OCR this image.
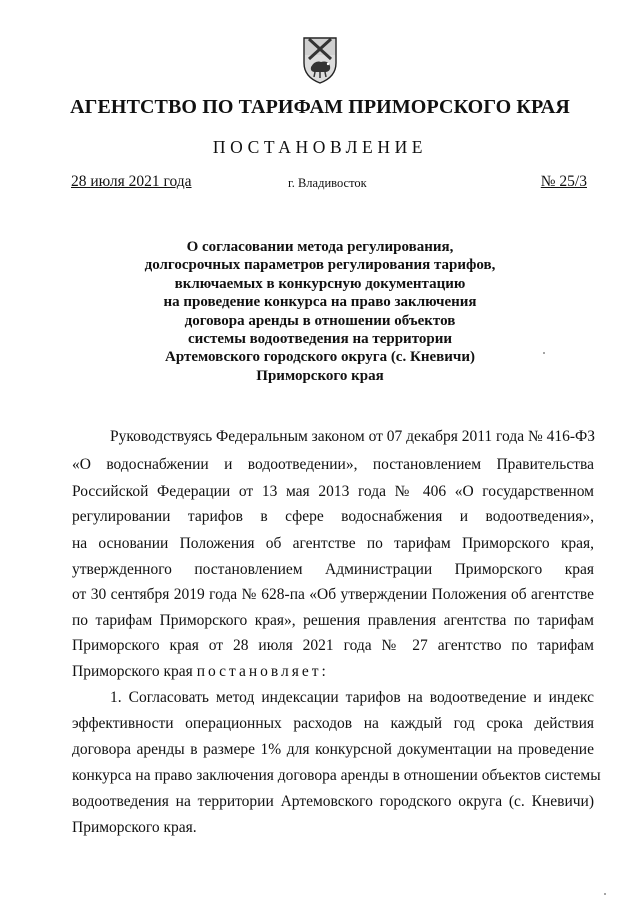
АГЕНТСТВО ПО ТАРИФАМ ПРИМОРСКОГО КРАЯ
ПОСТАНОВЛЕНИЕ
28 июля 2021 года	г. Владивосток	№ 25/3
О согласовании метода регулирования,
долгосрочных параметров регулирования тарифов,
включаемых в конкурсную документацию
на проведение конкурса на право заключения
договора аренды в отношении объектов
системы водоотведения на территории
Артемовского городского округа (с. Кневичи)
Приморского края
Руководствуясь Федеральным законом от 07 декабря 2011 года № 416-ФЗ
«О водоснабжении и водоотведении», постановлением Правительства
Российской Федерации от 13 мая 2013 года № 406 «О государственном
регулировании тарифов в сфере водоснабжения и водоотведения»,
на основании Положения об агентстве по тарифам Приморского края,
утвержденного постановлением Администрации Приморского края
от 30 сентября 2019 года № 628-па «Об утверждении Положения об агентстве
по тарифам Приморского края», решения правления агентства по тарифам
Приморского края от 28 июля 2021 года № 27 агентство по тарифам
Приморского края постановляет:
1. Согласовать метод индексации тарифов на водоотведение и индекс
эффективности операционных расходов на каждый год срока действия
договора аренды в размере 1% для конкурсной документации на проведение
конкурса на право заключения договора аренды в отношении объектов системы
водоотведения на территории Артемовского городского округа (с. Кневичи)
Приморского края.
